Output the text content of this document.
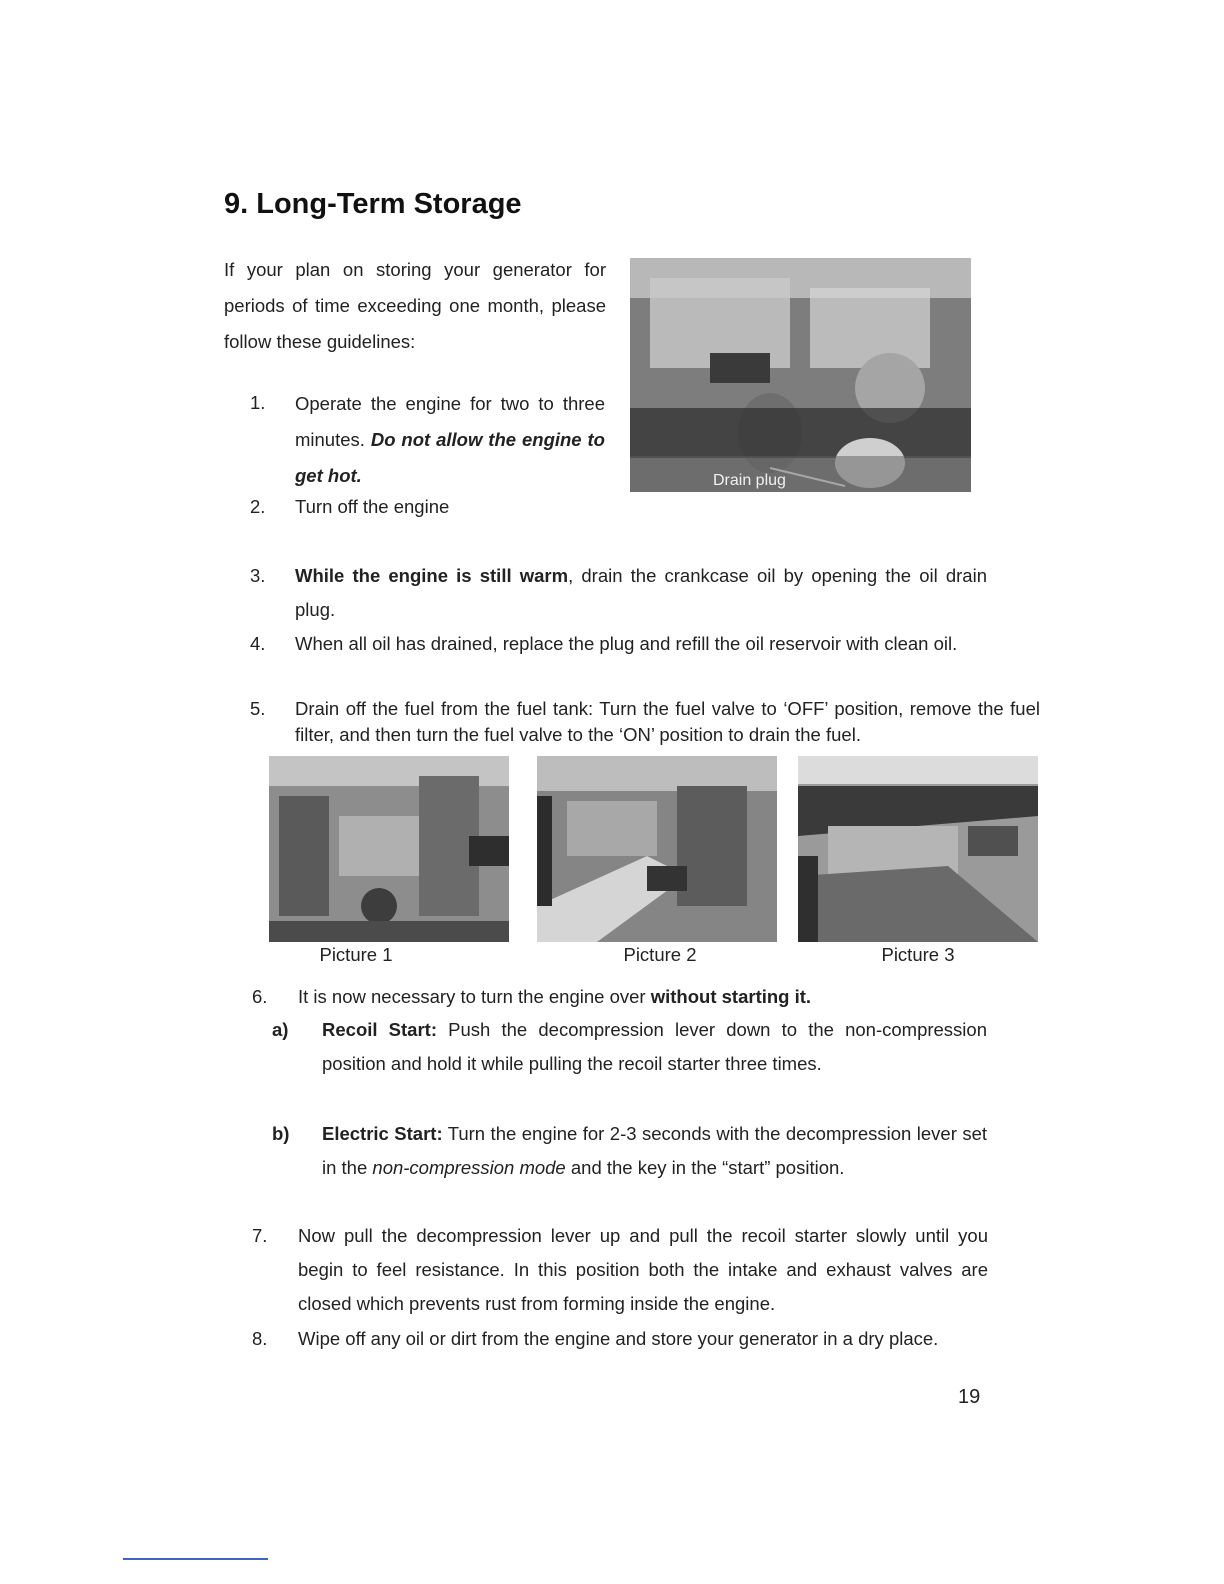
9. Long-Term Storage

If your plan on storing your generator for periods of time exceeding one month, please follow these guidelines:

Drain plug
1. Operate the engine for two to three minutes. Do not allow the engine to get hot.
2. Turn off the engine
3. While the engine is still warm, drain the crankcase oil by opening the oil drain plug.
4. When all oil has drained, replace the plug and refill the oil reservoir with clean oil.
5. Drain off the fuel from the fuel tank: Turn the fuel valve to ‘OFF’ position, remove the fuel filter, and then turn the fuel valve to the ‘ON’ position to drain the fuel.
Picture 1	Picture 2	Picture 3
6. It is now necessary to turn the engine over without starting it.
a) Recoil Start: Push the decompression lever down to the non-compression position and hold it while pulling the recoil starter three times.
b) Electric Start: Turn the engine for 2-3 seconds with the decompression lever set in the non-compression mode and the key in the “start” position.
7. Now pull the decompression lever up and pull the recoil starter slowly until you begin to feel resistance. In this position both the intake and exhaust valves are closed which prevents rust from forming inside the engine.
8. Wipe off any oil or dirt from the engine and store your generator in a dry place.
19
